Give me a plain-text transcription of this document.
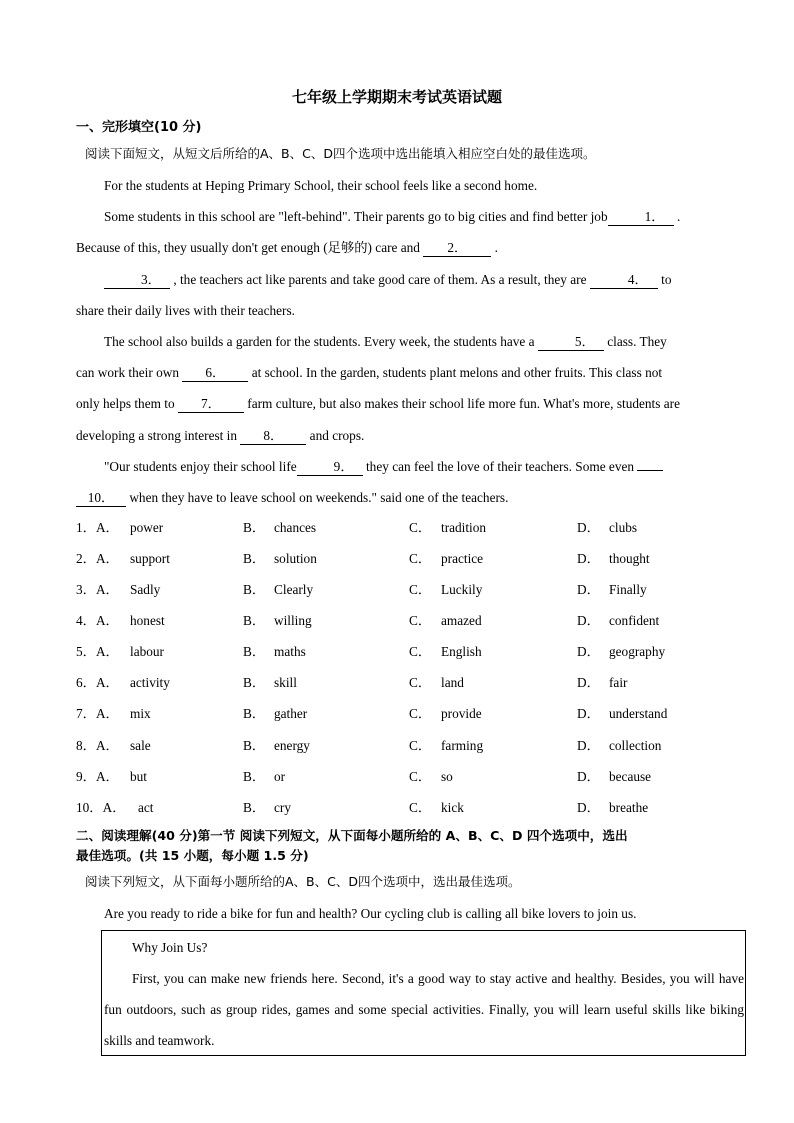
七年级上学期期末考试英语试题
一、完形填空(10 分)
阅读下面短文，从短文后所给的A、B、C、D四个选项中选出能填入相应空白处的最佳选项。
For the students at Heping Primary School, their school feels like a second home.
Some students in this school are "left-behind". Their parents go to big cities and find better job	1． .
Because of this, they usually don't get enough (足够的) care and 2． .
3． , the teachers act like parents and take good care of them. As a result, they are	4． to
share their daily lives with their teachers.
The school also builds a garden for the students. Every week, the students have a	5． class. They
can work their own 6． at school. In the garden, students plant melons and other fruits. This class not
only helps them to 7． farm culture, but also makes their school life more fun. What's more, students are
developing a strong interest in 8． and crops.
"Our students enjoy their school life	9． they can feel the love of their teachers. Some even
10． when they have to leave school on weekends." said one of the teachers.
1．A． power	B． chances	C． tradition	D． clubs
2．A． support	B． solution	C． practice	D． thought
3．A． Sadly	B． Clearly	C． Luckily	D． Finally
4．A． honest	B． willing	C． amazed	D． confident
5．A． labour	B． maths	C． English	D． geography
6．A． activity	B． skill	C． land	D． fair
7．A． mix	B． gather	C． provide	D． understand
8．A． sale	B． energy	C． farming	D． collection
9．A． but	B． or	C． so	D． because
10．A． act	B． cry	C． kick	D． breathe
二、阅读理解(40 分)第一节 阅读下列短文，从下面每小题所给的 A、B、C、D 四个选项中，选出
最佳选项。(共 15 小题，每小题 1.5 分)
阅读下列短文，从下面每小题所给的A、B、C、D四个选项中，选出最佳选项。
Are you ready to ride a bike for fun and health? Our cycling club is calling all bike lovers to join us.
Why Join Us?
First, you can make new friends here. Second, it's a good way to stay active and healthy. Besides, you will have fun outdoors, such as group rides, games and some special activities. Finally, you will learn useful skills like biking skills and teamwork.
